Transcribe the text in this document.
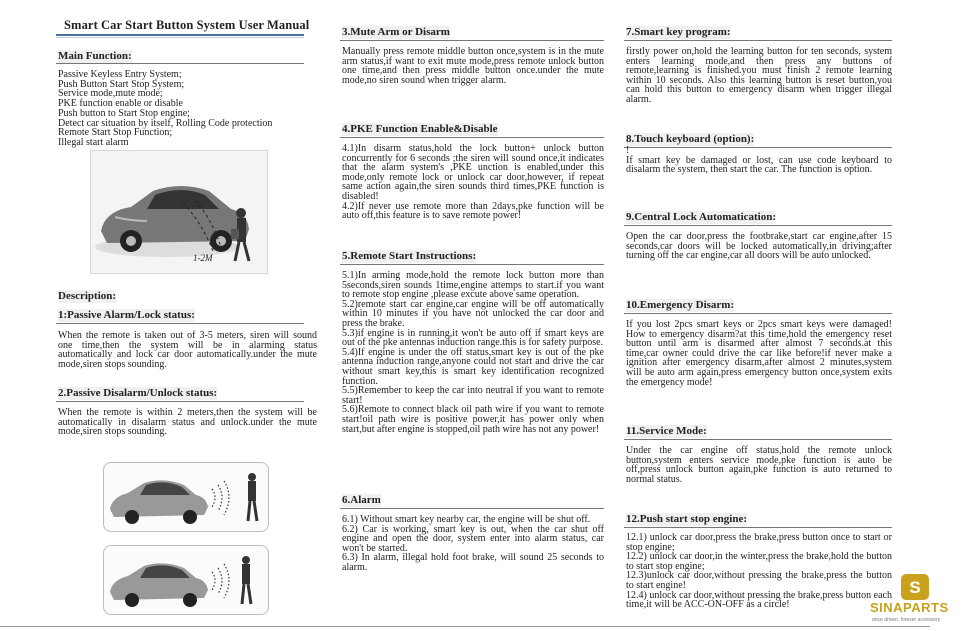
Smart Car Start Button System User Manual
Main Function:
Passive Keyless Entry System;
Push Button Start Stop System;
Service mode,mute mode;
PKE function enable or disable
Push button to Start Stop engine;
Detect car situation by itself, Rolling Code protection
Remote Start Stop Function;
Illegal start alarm
1-2M
Description:
1:Passive Alarm/Lock status:
When the remote is taken out of 3-5 meters, siren will sound one time,then the system will be in alarming status automatically and lock car door automatically.under the mute mode,siren stops sounding.
2.Passive Disalarm/Unlock status:
When the remote is within 2 meters,then the system will be automatically in disalarm status and unlock.under the mute mode,siren stops sounding.
3.Mute Arm or Disarm
Manually press remote middle button once,system is in the mute arm status,if want to exit mute mode,press remote unlock button one time,and then press middle button once.under the mute mode,no siren sound when trigger alarm.
4.PKE Function Enable&Disable
4.1)In disarm status,hold the lock button+ unlock button concurrently for 6 seconds ;the siren will sound once,it indicates that the alarm system's ,PKE unction is enabled,under this mode,only remote lock or unlock car door,however, if repeat same action again,the siren sounds third times,PKE function is disabled!
4.2)If never use remote more than 2days,pke function will be auto off,this feature is to save remote power!
5.Remote Start Instructions:
5.1)In arming mode,hold the remote lock button more than 5seconds,siren sounds 1time,engine attemps to start.if you want to remote stop engine ,please excute above same operation.
5.2)remote start car engine,car engine will be off automatically within 10 minutes if you have not unlocked the car door and press the brake.
5.3)if engine is in running,it won't be auto off if smart keys are out of the pke antennas induction range.this is for safety purpose.
5.4)If engine is under the off status,smart key is out of the pke antenna induction range,anyone could not start and drive the car without smart key,this is smart key identification recognized function.
5.5)Remember to keep the car into neutral if you want to remote start!
5.6)Remote to connect black oil path wire if you want to remote start!oil path wire is positive power,it has power only when start,but after engine is stopped,oil path wire has not any power!
6.Alarm
6.1) Without smart key nearby car, the engine will be shut off.
6.2) Car is working, smart key is out, when the car shut off engine and open the door, system enter into alarm status, car won't be started.
6.3) In alarm, illegal hold foot brake, will sound 25 seconds to alarm.
7.Smart key program:
firstly power on,hold the learning button for ten seconds, system enters learning mode,and then press any buttons of remote,learning is finished.you must finish 2 remote learning within 10 seconds. Also this learning button is reset button,you can hold this button to emergency disarm when trigger illegal alarm.
8.Touch keyboard (option):
!
If smart key be damaged or lost, can use code keyboard to disalarm the system, then start the car. The function is option.
9.Central Lock Automatication:
Open the car door,press the footbrake,start car engine,after 15 seconds,car doors will be locked automatically,in driving;after turning off the car engine,car all doors will be auto unlocked.
10.Emergency Disarm:
If you lost 2pcs smart keys or 2pcs smart keys were damaged! How to emergency disarm?at this time,hold the emergency reset button until arm is disarmed after almost 7 seconds.at this time,car owner could drive the car like before!if never make a ignition after emergency disarm,after almost 2 minutes,system will be auto arm again,press emergency button once,system exits the emergency mode!
11.Service Mode:
Under the car engine off status,hold the remote unlock button,system enters service mode,pke function is auto be off,press unlock button again,pke function is auto returned to normal status.
12.Push start stop engine:
12.1) unlock car door,press the brake,press button once to start or stop engine;
12.2) unlock car door,in the winter,press the brake,hold the button to start stop engine;
12.3)unlock car door,without pressing the brake,press the button to start engine!
12.4) unlock car door,without pressing the brake,press button each time,it will be ACC-ON-OFF as a circle!
S
SINAPARTS
once driven. forever accessory
